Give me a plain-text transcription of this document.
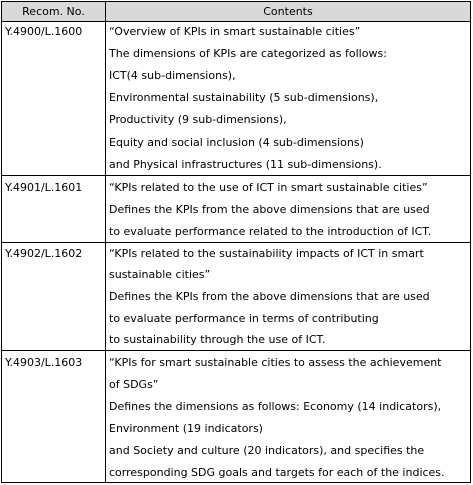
Recom. No.	Contents
Y.4900/L.1600 “Overview of KPIs in smart sustainable cities”
The dimensions of KPIs are categorized as follows:
ICT(4 sub-dimensions),
Environmental sustainability (5 sub-dimensions),
Productivity (9 sub-dimensions),
Equity and social inclusion (4 sub-dimensions)
and Physical infrastructures (11 sub-dimensions).
Y.4901/L.1601 “KPIs related to the use of ICT in smart sustainable cities”
Defines the KPIs from the above dimensions that are used
to evaluate performance related to the introduction of ICT.
Y.4902/L.1602 “KPIs related to the sustainability impacts of ICT in smart
sustainable cities”
Defines the KPIs from the above dimensions that are used
to evaluate performance in terms of contributing
to sustainability through the use of ICT.
Y.4903/L.1603 “KPIs for smart sustainable cities to assess the achievement
of SDGs”
Defines the dimensions as follows: Economy (14 indicators),
Environment (19 indicators)
and Society and culture (20 indicators), and specifies the
corresponding SDG goals and targets for each of the indices.
